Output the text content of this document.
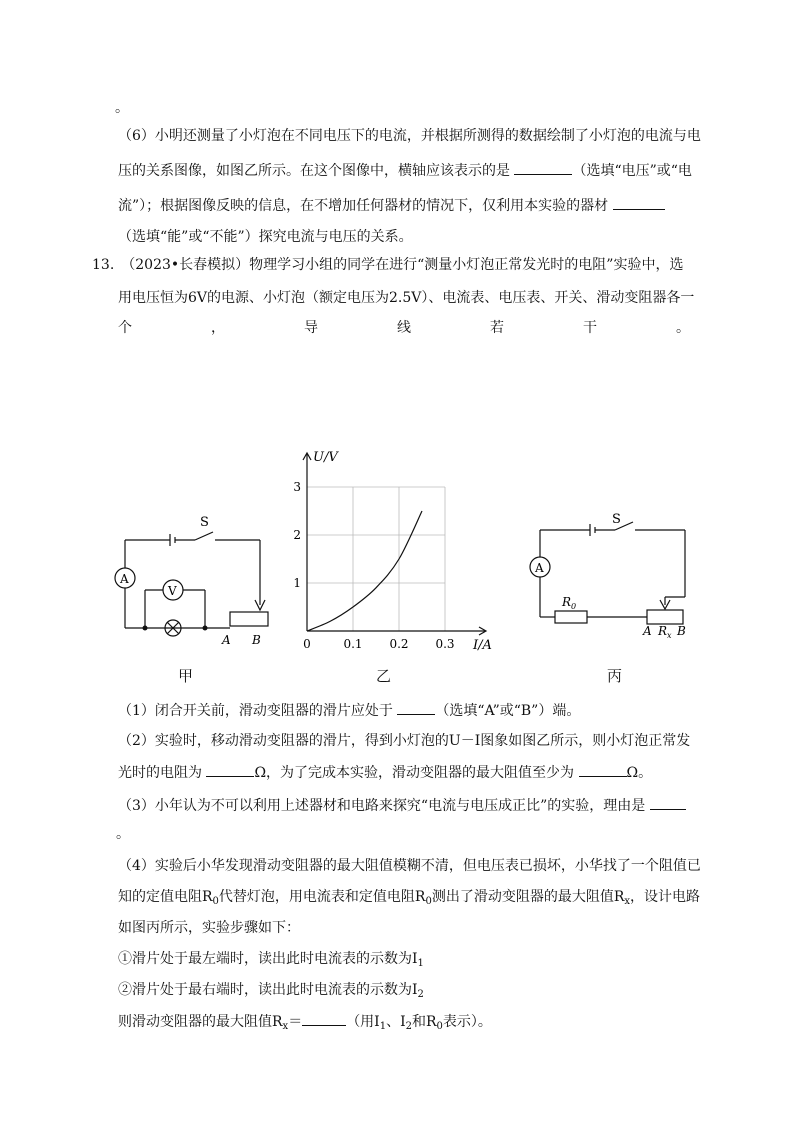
。
（6）小明还测量了小灯泡在不同电压下的电流，并根据所测得的数据绘制了小灯泡的电流与电
压的关系图像，如图乙所示。在这个图像中，横轴应该表示的是	（选填“电压”或“电
流”）；根据图像反映的信息，在不增加任何器材的情况下，仅利用本实验的器材
（选填“能”或“不能”）探究电流与电压的关系。
13.　（2023•长春模拟）物理学习小组的同学在进行“测量小灯泡正常发光时的电阻”实验中，选
用电压恒为6V的电源、小灯泡（额定电压为2.5V）、电流表、电压表、开关、滑动变阻器各一
个	，	导	线	若	干	。
S
A
V
A B
甲
0	0.1 0.2 0.3
1
2
3
U/V
I/A
乙
S
A
$R_0$
A $R_x$ B
丙
（1）闭合开关前，滑动变阻器的滑片应处于	（选填“A”或“B”）端。
（2）实验时，移动滑动变阻器的滑片，得到小灯泡的U－I图象如图乙所示，则小灯泡正常发
光时的电阻为	Ω，为了完成本实验，滑动变阻器的最大阻值至少为	Ω。
（3）小年认为不可以利用上述器材和电路来探究“电流与电压成正比”的实验，理由是
。
（4）实验后小华发现滑动变阻器的最大阻值模糊不清，但电压表已损坏，小华找了一个阻值已
知的定值电阻$R_0$代替灯泡，用电流表和定值电阻$R_0$测出了滑动变阻器的最大阻值$R_x$，设计电路
如图丙所示，实验步骤如下：
①滑片处于最左端时，读出此时电流表的示数为$I_1$
②滑片处于最右端时，读出此时电流表的示数为$I_2$
则滑动变阻器的最大阻值$R_x=$	（用$I_1$、$I_2$和$R_0$表示）。
